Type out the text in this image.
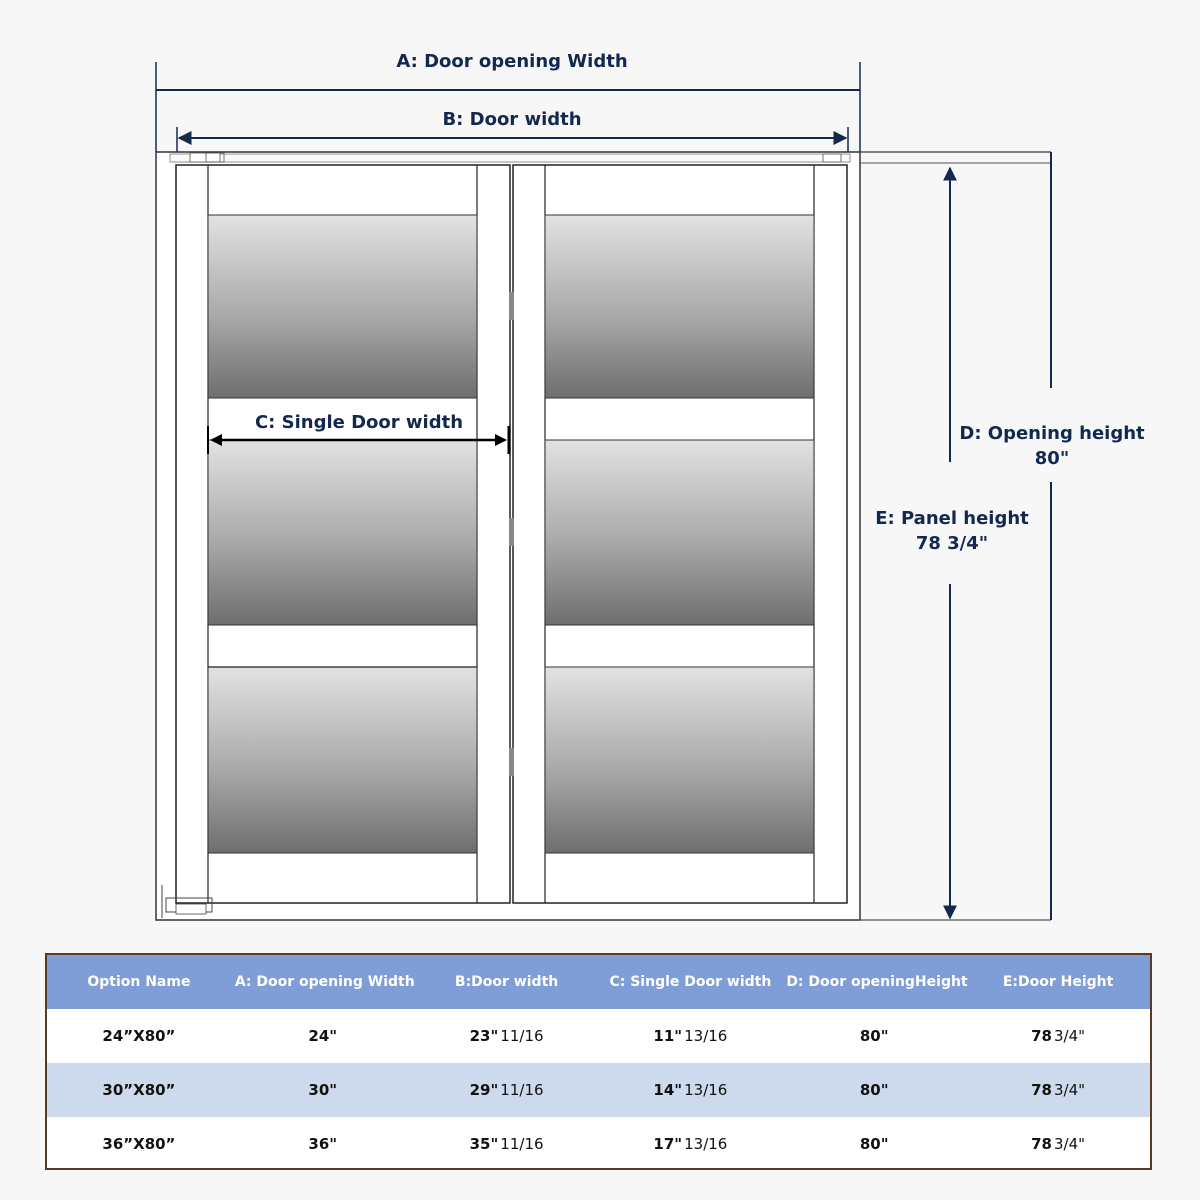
A: Door opening Width
B: Door width
C: Single Door width
D: Opening height
80"
E: Panel height
78 3/4"
Option Name	A: Door opening Width	B:Door width	C: Single Door width	D: Door openingHeight	E:Door Height
24”X80”	24"	23" 11/16	11" 13/16	80"	78 3/4"
30”X80”	30"	29" 11/16	14" 13/16	80"	78 3/4"
36”X80”	36"	35" 11/16	17" 13/16	80"	78 3/4"
